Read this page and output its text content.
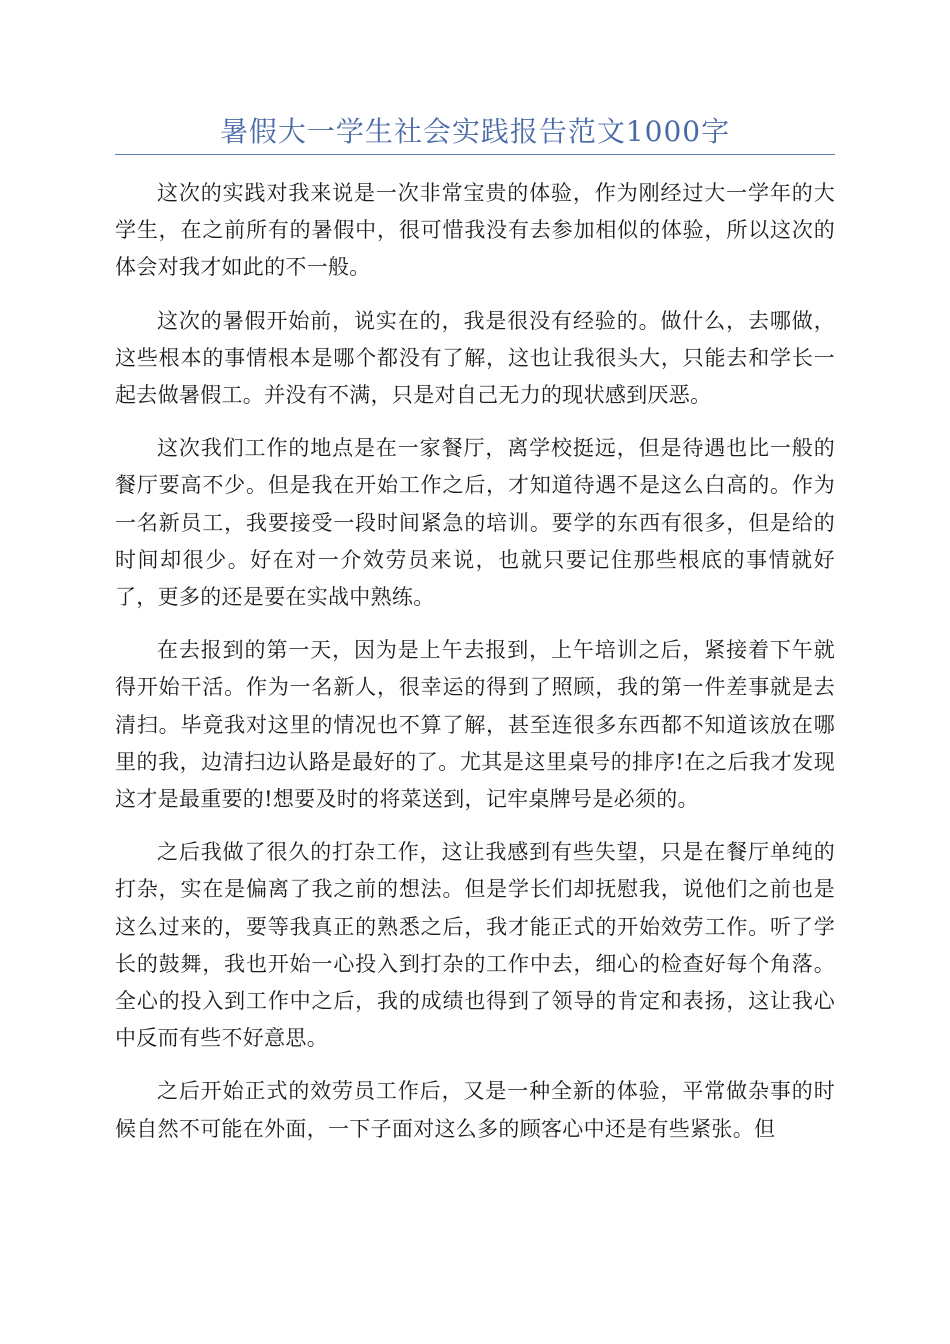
暑假大一学生社会实践报告范文1000字

这次的实践对我来说是一次非常宝贵的体验，作为刚经过大一学年的大学生，在之前所有的暑假中，很可惜我没有去参加相似的体验，所以这次的体会对我才如此的不一般。

这次的暑假开始前，说实在的，我是很没有经验的。做什么，去哪做，这些根本的事情根本是哪个都没有了解，这也让我很头大，只能去和学长一起去做暑假工。并没有不满，只是对自己无力的现状感到厌恶。

这次我们工作的地点是在一家餐厅，离学校挺远，但是待遇也比一般的餐厅要高不少。但是我在开始工作之后，才知道待遇不是这么白高的。作为一名新员工，我要接受一段时间紧急的培训。要学的东西有很多，但是给的时间却很少。好在对一介效劳员来说，也就只要记住那些根底的事情就好了，更多的还是要在实战中熟练。

在去报到的第一天，因为是上午去报到，上午培训之后，紧接着下午就得开始干活。作为一名新人，很幸运的得到了照顾，我的第一件差事就是去清扫。毕竟我对这里的情况也不算了解，甚至连很多东西都不知道该放在哪里的我，边清扫边认路是最好的了。尤其是这里桌号的排序!在之后我才发现这才是最重要的!想要及时的将菜送到，记牢桌牌号是必须的。

之后我做了很久的打杂工作，这让我感到有些失望，只是在餐厅单纯的打杂，实在是偏离了我之前的想法。但是学长们却抚慰我，说他们之前也是这么过来的，要等我真正的熟悉之后，我才能正式的开始效劳工作。听了学长的鼓舞，我也开始一心投入到打杂的工作中去，细心的检查好每个角落。全心的投入到工作中之后，我的成绩也得到了领导的肯定和表扬，这让我心中反而有些不好意思。

之后开始正式的效劳员工作后，又是一种全新的体验，平常做杂事的时候自然不可能在外面，一下子面对这么多的顾客心中还是有些紧张。但
